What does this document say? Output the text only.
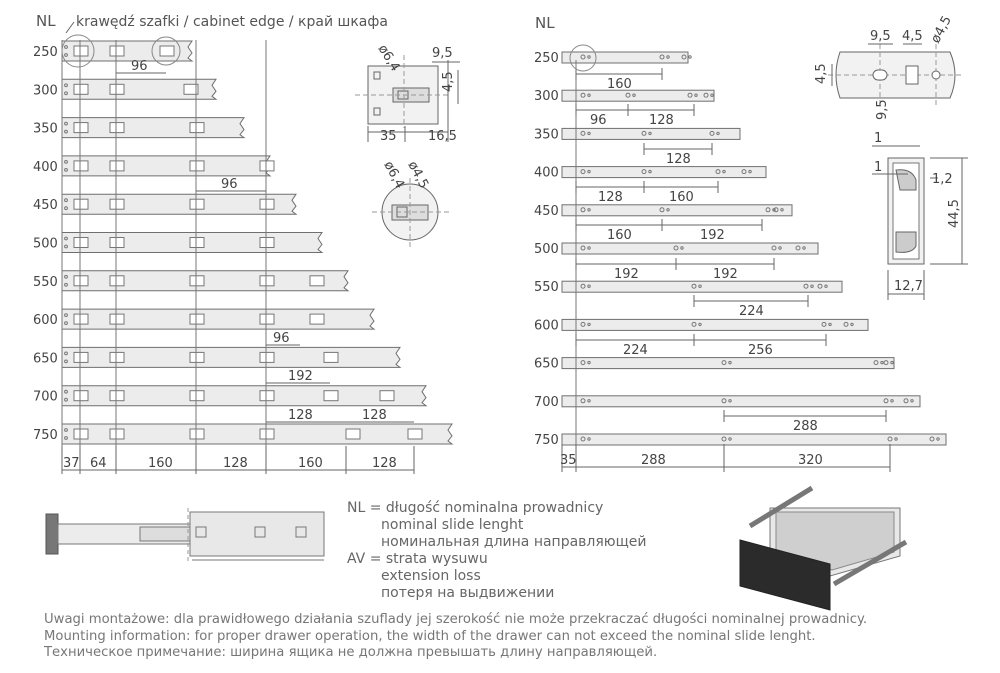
NL krawędź szafki / cabinet edge / край шкафа
250
300
350
400
450
500
550
600
650
700
750
96
96
96
192
128	128
37 64	160	128	160	128
NL
250
300
350
400
450
500
550
600
650
700
750
160
96	128
128
128	160
160	192
192	192
224
224	256
288
35	288	320
ø6,4 9,5
4,5
35 16,5
ø6,4
ø4,5
9,5 4,5 ø4,5
4,5
9,5
1
1
1,2
44,5
12,7
NL = długość nominalna prowadnicy
nominal slide lenght
номинальная длина направляющей
AV = strata wysuwu
extension loss
потеря на выдвижении
Uwagi montażowe: dla prawidłowego działania szuflady jej szerokość nie może przekraczać długości nominalnej prowadnicy.
Mounting information: for proper drawer operation, the width of the drawer can not exceed the nominal slide lenght.
Техническое примечание: ширина ящика не должна превышать длину направляющей.
